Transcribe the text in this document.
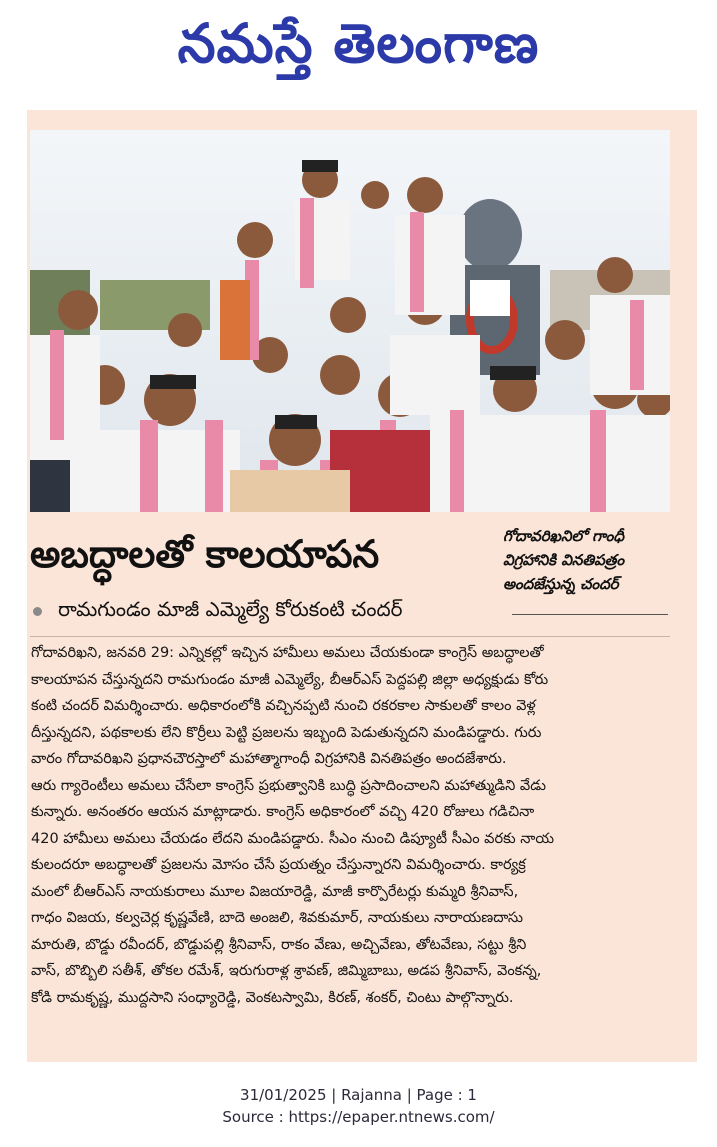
నమస్తే తెలంగాణ
అబద్ధాలతో కాలయాపన	గోదావరిఖనిలో గాంధీ
విగ్రహానికి వినతిపత్రం
అందజేస్తున్న చందర్
రామగుండం మాజీ ఎమ్మెల్యే కోరుకంటి చందర్
గోదావరిఖని, జనవరి 29: ఎన్నికల్లో ఇచ్చిన హామీలు అమలు చేయకుండా కాంగ్రెస్ అబద్ధాలతో
కాలయాపన చేస్తున్నదని రామగుండం మాజీ ఎమ్మెల్యే, బీఆర్ఎస్ పెద్దపల్లి జిల్లా అధ్యక్షుడు కోరు
కంటి చందర్ విమర్శించారు. అధికారంలోకి వచ్చినప్పటి నుంచి రకరకాల సాకులతో కాలం వెళ్ల
దీస్తున్నదని, పథకాలకు లేని కొర్రీలు పెట్టి ప్రజలను ఇబ్బంది పెడుతున్నదని మండిపడ్డారు. గురు
వారం గోదావరిఖని ప్రధానచౌరస్తాలో మహాత్మాగాంధీ విగ్రహానికి వినతిపత్రం అందజేశారు.
ఆరు గ్యారెంటీలు అమలు చేసేలా కాంగ్రెస్ ప్రభుత్వానికి బుద్ధి ప్రసాదించాలని మహాత్ముడిని వేడు
కున్నారు. అనంతరం ఆయన మాట్లాడారు. కాంగ్రెస్ అధికారంలో వచ్చి 420 రోజులు గడిచినా
420 హామీలు అమలు చేయడం లేదని మండిపడ్డారు. సీఎం నుంచి డిప్యూటీ సీఎం వరకు నాయ
కులందరూ అబద్ధాలతో ప్రజలను మోసం చేసే ప్రయత్నం చేస్తున్నారని విమర్శించారు. కార్యక్ర
మంలో బీఆర్ఎస్ నాయకురాలు మూల విజయారెడ్డి, మాజీ కార్పొరేటర్లు కుమ్మరి శ్రీనివాస్,
గాధం విజయ, కల్వచెర్ల కృష్ణవేణి, బాదె అంజలి, శివకుమార్, నాయకులు నారాయణదాసు
మారుతి, బొడ్డు రవీందర్, బొడ్డుపల్లి శ్రీనివాస్, రాకం వేణు, అచ్చివేణు, తోటవేణు, సట్టు శ్రీని
వాస్, బొబ్బిలి సతీశ్, తోకల రమేశ్, ఇరుగురాళ్ల శ్రావణ్, జిమ్మిబాబు, అడప శ్రీనివాస్, వెంకన్న,
కోడి రామకృష్ణ, ముద్దసాని సంధ్యారెడ్డి, వెంకటస్వామి, కిరణ్, శంకర్, చింటు పాల్గొన్నారు.
31/01/2025 | Rajanna | Page : 1
Source : https://epaper.ntnews.com/
